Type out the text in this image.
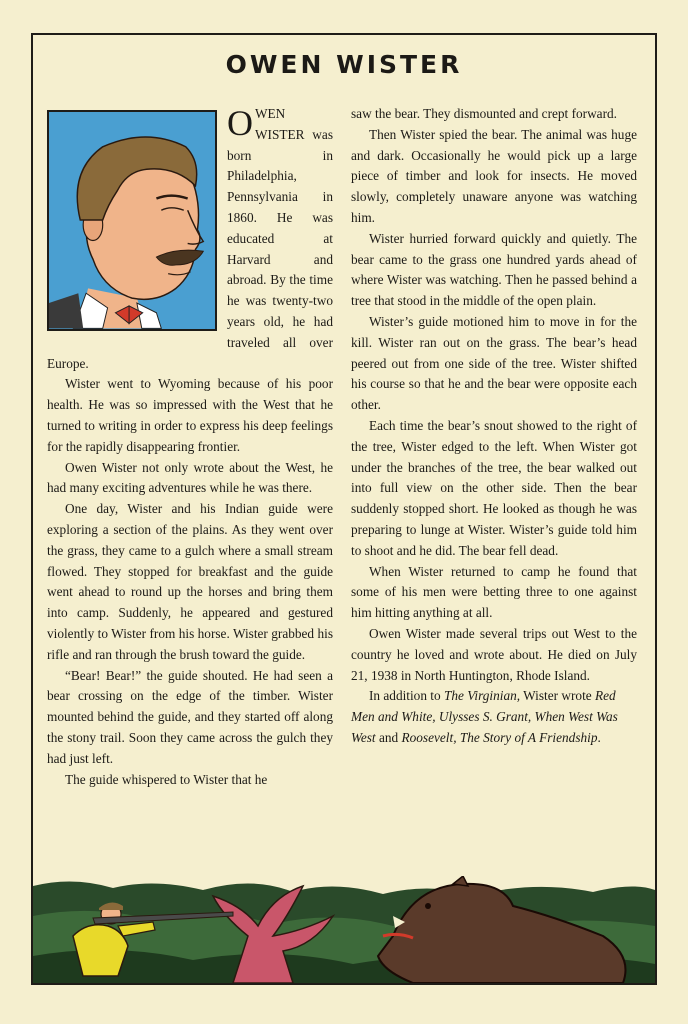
OWEN WISTER
OWEN WISTER was born in Philadelphia, Pennsylvania in 1860. He was educated at Harvard and abroad. By the time he was twenty-two years old, he had traveled all over Europe.

Wister went to Wyoming because of his poor health. He was so impressed with the West that he turned to writing in order to express his deep feelings for the rapidly disappearing frontier.

Owen Wister not only wrote about the West, he had many exciting adventures while he was there.

One day, Wister and his Indian guide were exploring a section of the plains. As they went over the grass, they came to a gulch where a small stream flowed. They stopped for breakfast and the guide went ahead to round up the horses and bring them into camp. Suddenly, he appeared and gestured violently to Wister from his horse. Wister grabbed his rifle and ran through the brush toward the guide.

“Bear! Bear!” the guide shouted. He had seen a bear crossing on the edge of the timber. Wister mounted behind the guide, and they started off along the stony trail. Soon they came across the gulch they had just left.

The guide whispered to Wister that he

saw the bear. They dismounted and crept forward.

Then Wister spied the bear. The animal was huge and dark. Occasionally he would pick up a large piece of timber and look for insects. He moved slowly, completely unaware anyone was watching him.

Wister hurried forward quickly and quietly. The bear came to the grass one hundred yards ahead of where Wister was watching. Then he passed behind a tree that stood in the middle of the open plain.

Wister’s guide motioned him to move in for the kill. Wister ran out on the grass. The bear’s head peered out from one side of the tree. Wister shifted his course so that he and the bear were opposite each other.

Each time the bear’s snout showed to the right of the tree, Wister edged to the left. When Wister got under the branches of the tree, the bear walked out into full view on the other side. Then the bear suddenly stopped short. He looked as though he was preparing to lunge at Wister. Wister’s guide told him to shoot and he did. The bear fell dead.

When Wister returned to camp he found that some of his men were betting three to one against him hitting anything at all.

Owen Wister made several trips out West to the country he loved and wrote about. He died on July 21, 1938 in North Huntington, Rhode Island.

In addition to The Virginian, Wister wrote Red Men and White, Ulysses S. Grant, When West Was West and Roosevelt, The Story of A Friendship.
